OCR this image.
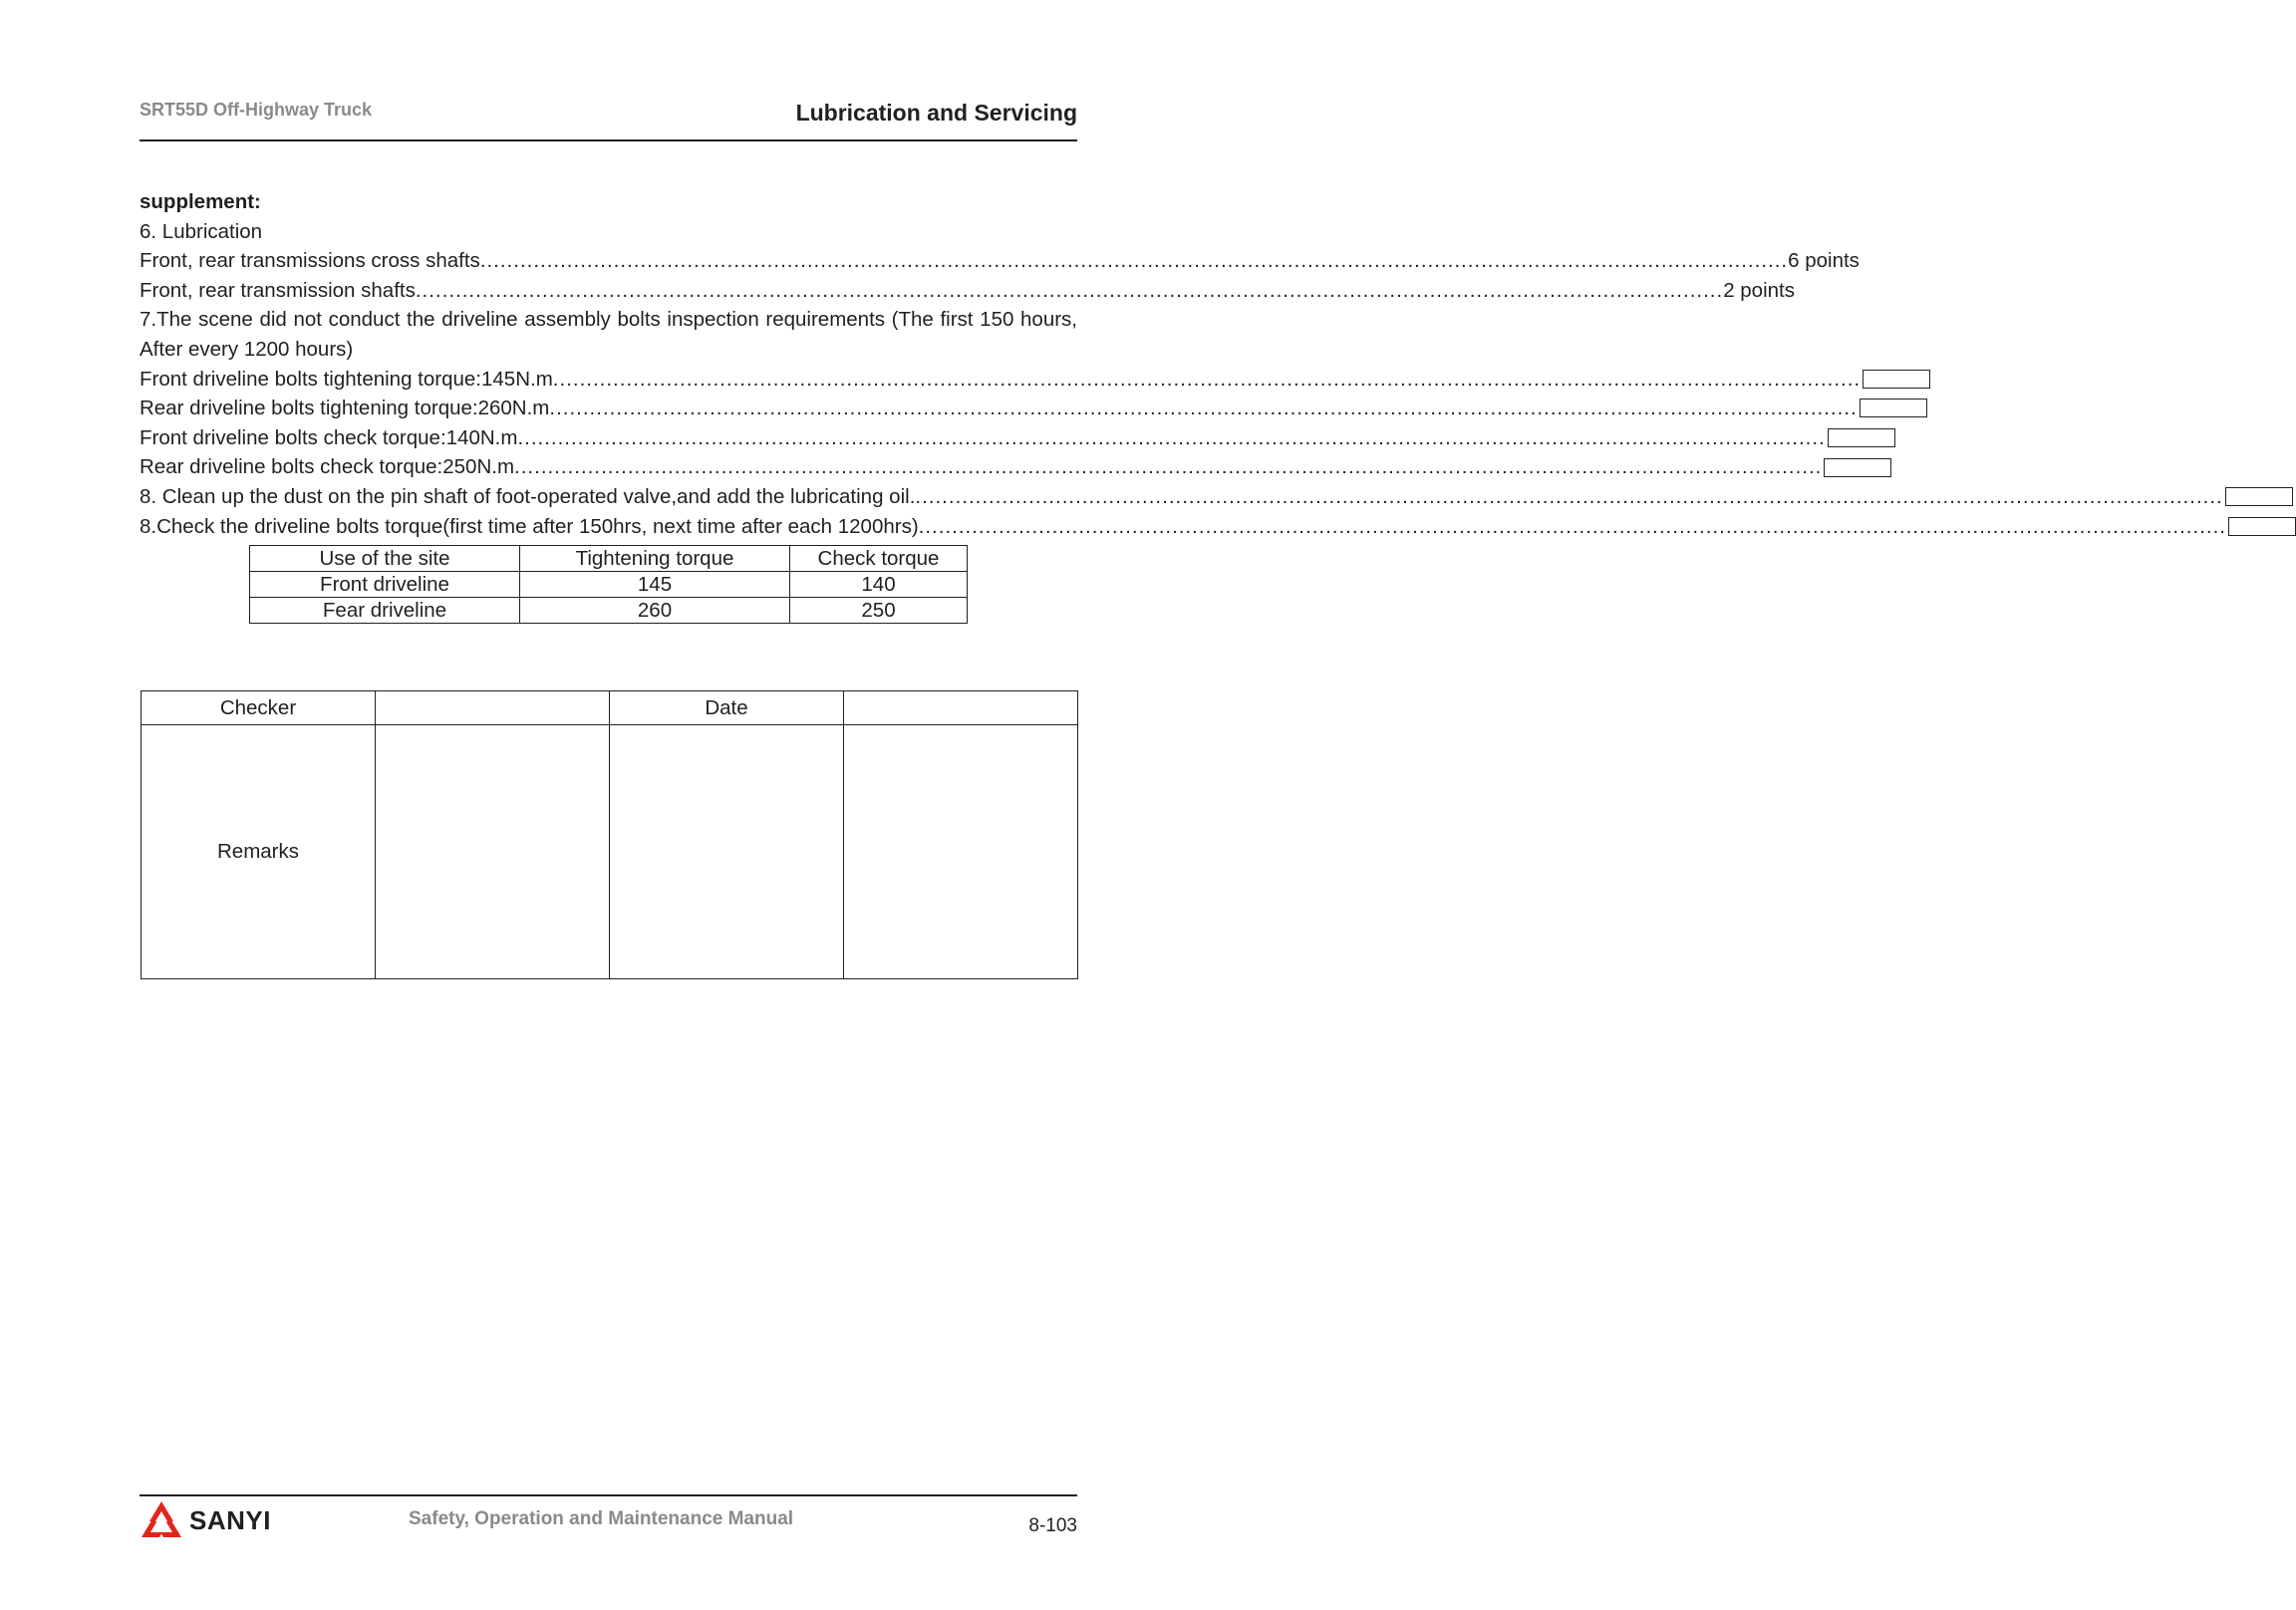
SRT55D Off-Highway Truck	Lubrication and Servicing
supplement:
6. Lubrication
Front, rear transmissions cross shafts .................................................................................................................................................................................................... 6 points
Front, rear transmission shafts .................................................................................................................................................................................................... 2 points
7.The scene did not conduct the driveline assembly bolts inspection requirements (The first 150 hours, After every 1200 hours)
Front driveline bolts tightening torque:145N.m ....................................................................................................................................................................................................
Rear driveline bolts tightening torque:260N.m ....................................................................................................................................................................................................
Front driveline bolts check torque:140N.m ....................................................................................................................................................................................................
Rear driveline bolts check torque:250N.m ....................................................................................................................................................................................................
8. Clean up the dust on the pin shaft of foot-operated valve,and add the lubricating oil. ....................................................................................................................................................................................................
8.Check the driveline bolts torque(first time after 150hrs, next time after each 1200hrs) ....................................................................................................................................................................................................
Use of the site	Tightening torque	Check torque
Front driveline	145	140
Fear driveline	260	250
Checker		Date	
Remarks			
SANYI	Safety, Operation and Maintenance Manual	8-103
